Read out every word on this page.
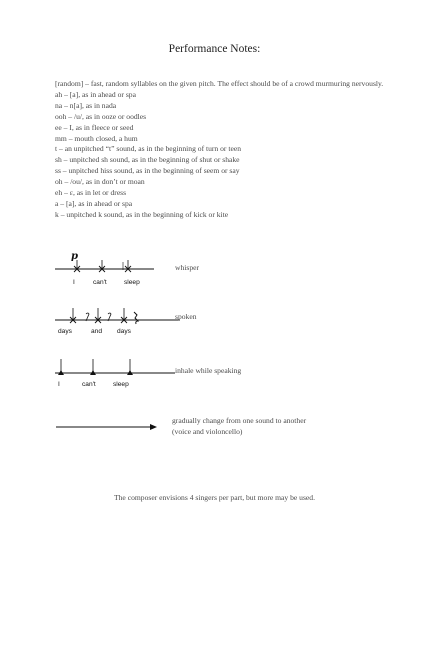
Performance Notes:
[random] – fast, random syllables on the given pitch. The effect should be of a crowd murmuring nervously.
ah – [a], as in ahead or spa
na – n[a], as in nada
ooh – /u/, as in ooze or oodles
ee – I, as in fleece or seed
mm – mouth closed, a hum
t – an unpitched “t” sound, as in the beginning of turn or teen
sh – unpitched sh sound, as in the beginning of shut or shake
ss – unpitched hiss sound, as in the beginning of seem or say
oh – /ou/, as in don’t or moan
eh – ɛ, as in let or dress
a – [a], as in ahead or spa
k – unpitched k sound, as in the beginning of kick or kite
p
I	can't	sleep
whisper
days	and days
spoken
I	can't	sleep
inhale while speaking
gradually change from one sound to another
(voice and violoncello)
The composer envisions 4 singers per part, but more may be used.
